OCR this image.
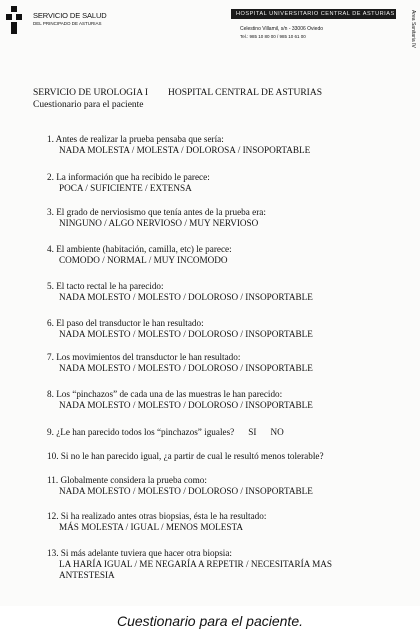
SERVICIO DE SALUD
DEL PRINCIPADO DE ASTURIAS
HOSPITAL UNIVERSITARIO CENTRAL DE ASTURIAS
Celestino Villamil, s/n - 33006 Oviedo
Tel.: 985 10 80 00 / 985 10 61 00	Area Sanitaria IV
SERVICIO DE UROLOGIA I HOSPITAL CENTRAL DE ASTURIAS
Cuestionario para el paciente
1. Antes de realizar la prueba pensaba que sería:
NADA MOLESTA / MOLESTA / DOLOROSA / INSOPORTABLE
2. La información que ha recibido le parece:
POCA / SUFICIENTE / EXTENSA
3. El grado de nerviosismo que tenía antes de la prueba era:
NINGUNO / ALGO NERVIOSO / MUY NERVIOSO
4. El ambiente (habitación, camilla, etc) le parece:
COMODO / NORMAL / MUY INCOMODO
5. El tacto rectal le ha parecido:
NADA MOLESTO / MOLESTO / DOLOROSO / INSOPORTABLE
6. El paso del transductor le han resultado:
NADA MOLESTO / MOLESTO / DOLOROSO / INSOPORTABLE
7. Los movimientos del transductor le han resultado:
NADA MOLESTO / MOLESTO / DOLOROSO / INSOPORTABLE
8. Los “pinchazos” de cada una de las muestras le han parecido:
NADA MOLESTO / MOLESTO / DOLOROSO / INSOPORTABLE
9. ¿Le han parecido todos los “pinchazos” iguales? SI NO
10. Si no le han parecido igual, ¿a partir de cual le resultó menos tolerable?
11. Globalmente considera la prueba como:
NADA MOLESTO / MOLESTO / DOLOROSO / INSOPORTABLE
12. Si ha realizado antes otras biopsias, ésta le ha resultado:
MÁS MOLESTA / IGUAL / MENOS MOLESTA
13. Si más adelante tuviera que hacer otra biopsia:
LA HARÍA IGUAL / ME NEGARÍA A REPETIR / NECESITARÍA MAS ANTESTESIA
Cuestionario para el paciente.
